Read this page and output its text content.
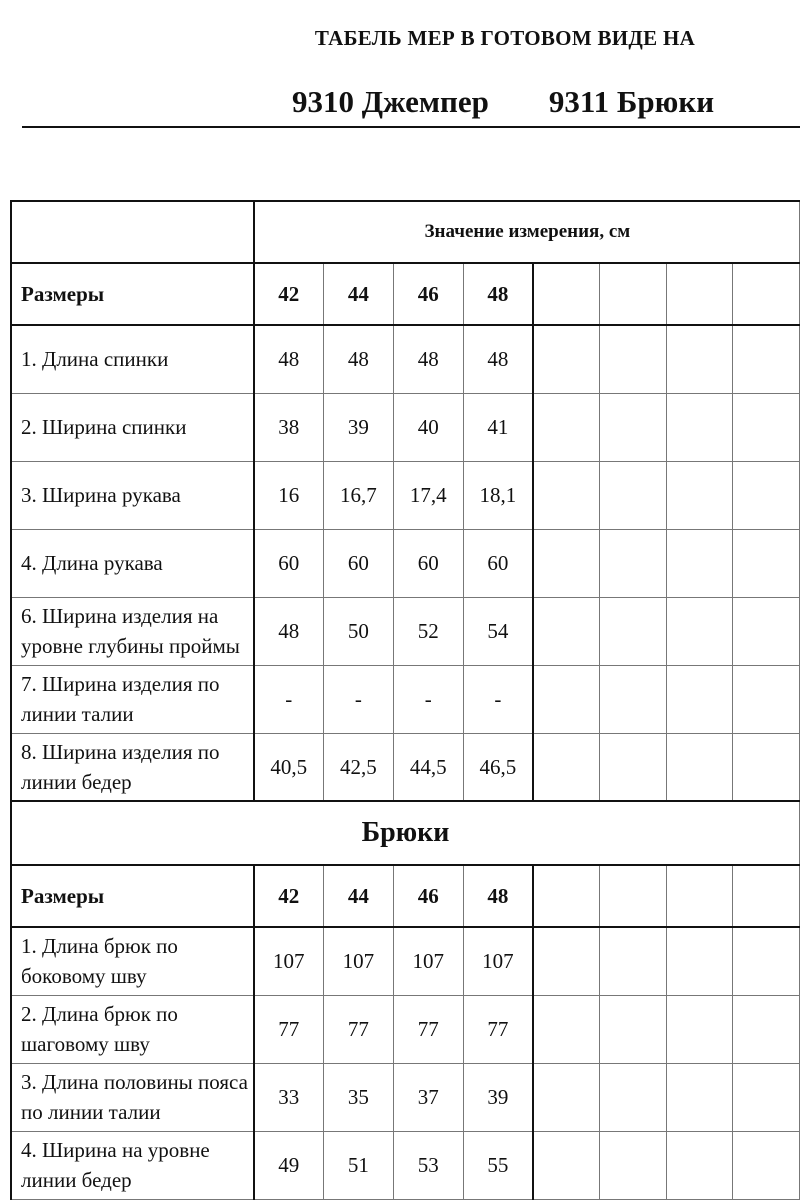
ТАБЕЛЬ МЕР В ГОТОВОМ ВИДЕ НА
9310 Джемпер 9311 Брюки
	Значение измерения, см							
Размеры	42	44	46	48				
1. Длина спинки	48	48	48	48				
2. Ширина спинки	38	39	40	41				
3. Ширина рукава	16	16,7	17,4	18,1				
4. Длина рукава	60	60	60	60				
6. Ширина изделия на уровне глубины проймы	48	50	52	54				
7. Ширина изделия по линии талии	-	-	-	-				
8. Ширина изделия по линии бедер	40,5	42,5	44,5	46,5				
Брюки								
Размеры	42	44	46	48				
1. Длина брюк по боковому шву	107	107	107	107				
2. Длина брюк по шаговому шву	77	77	77	77				
3. Длина половины пояса по линии талии	33	35	37	39				
4. Ширина на уровне линии бедер	49	51	53	55				
